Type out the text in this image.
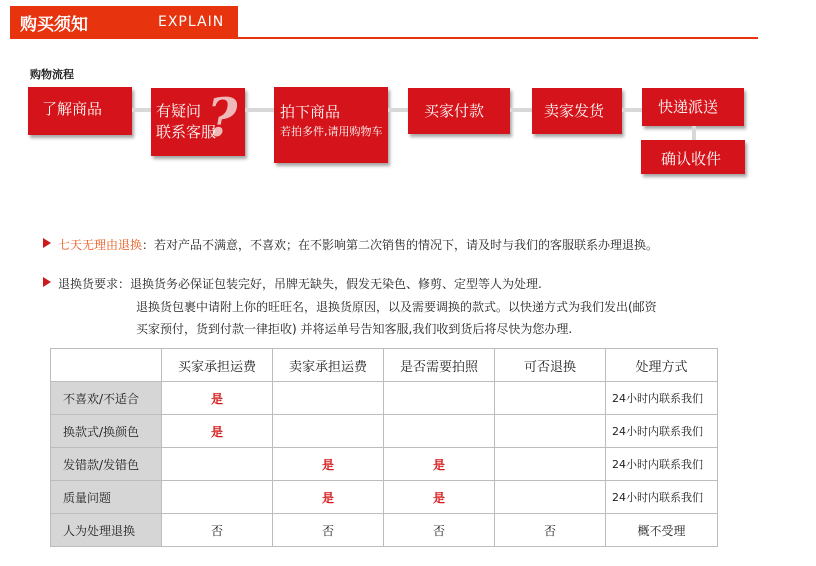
购买须知	EXPLAIN
购物流程
了解商品 ?
有疑问
联系客服
拍下商品
若拍多件,请用购物车
买家付款	卖家发货	快递派送
确认收件
七天无理由退换：若对产品不满意，不喜欢；在不影响第二次销售的情况下，请及时与我们的客服联系办理退换。
退换货要求：退换货务必保证包装完好，吊牌无缺失，假发无染色、修剪、定型等人为处理.
退换货包裹中请附上你的旺旺名，退换货原因，以及需要调换的款式。以快递方式为我们发出(邮资
买家预付，货到付款一律拒收) 并将运单号告知客服,我们收到货后将尽快为您办理.
	买家承担运费	卖家承担运费	是否需要拍照	可否退换	处理方式
不喜欢/不适合	是				24小时内联系我们
换款式/换颜色	是				24小时内联系我们
发错款/发错色		是	是		24小时内联系我们
质量问题		是	是		24小时内联系我们
人为处理退换	否	否	否	否	概不受理
